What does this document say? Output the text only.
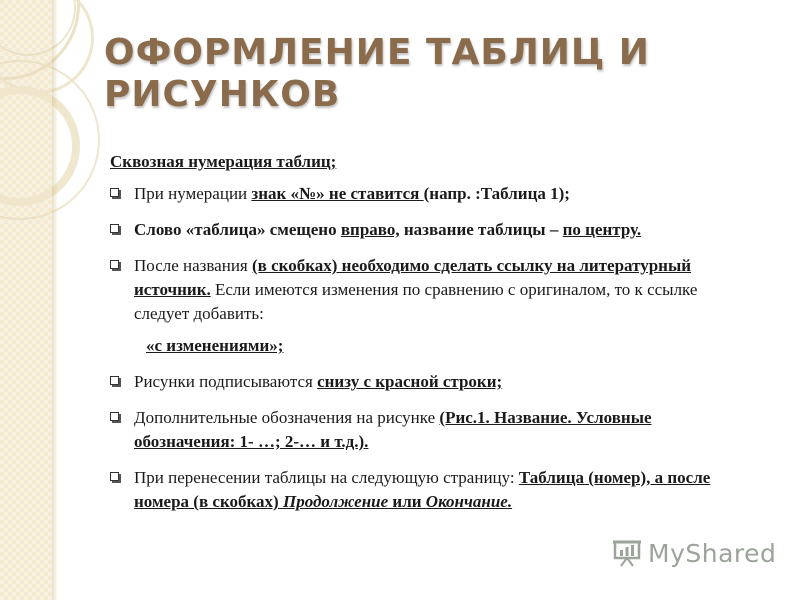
ОФОРМЛЕНИЕ ТАБЛИЦ И
РИСУНКОВ

Сквозная нумерация таблиц;

При нумерации знак «№» не ставится (напр. :Таблица 1);
Слово «таблица» смещено вправо, название таблицы – по центру.
После названия (в скобках) необходимо сделать ссылку на литературный источник. Если имеются изменения по сравнению с оригиналом, то к ссылке следует добавить:

«с изменениями»;

Рисунки подписываются снизу с красной строки;
Дополнительные обозначения на рисунке (Рис.1. Название. Условные обозначения: 1- …; 2-… и т.д.).
При перенесении таблицы на следующую страницу: Таблица (номер), а после номера (в скобках) Продолжение или Окончание.
MyShared
